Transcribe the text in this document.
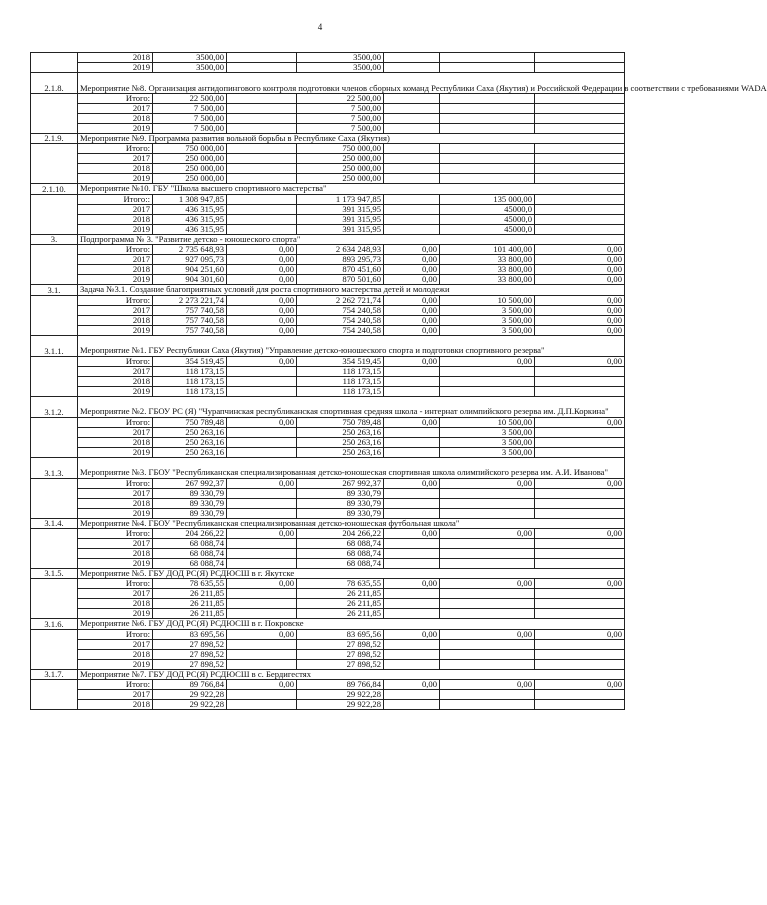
4
	2018	3500,00		3500,00			
	2019	3500,00		3500,00			
2.1.8.	Мероприятие №8. Организация антидопингового контроля подготовки членов сборных команд Республики Саха (Якутия) и Российской Федерации в соответствии с требованиями WADA						
	Итого:	22 500,00		22 500,00			
	2017	7 500,00		7 500,00			
	2018	7 500,00		7 500,00			
	2019	7 500,00		7 500,00			
2.1.9.	Мероприятие №9. Программа развития вольной борьбы в Республике Саха (Якутия)						
	Итого:	750 000,00		750 000,00			
	2017	250 000,00		250 000,00			
	2018	250 000,00		250 000,00			
	2019	250 000,00		250 000,00			
2.1.10.	Мероприятие №10. ГБУ "Школа высшего спортивного мастерства"						
	Итого::	1 308 947,85		1 173 947,85		135 000,00	
	2017	436 315,95		391 315,95		45000,0	
	2018	436 315,95		391 315,95		45000,0	
	2019	436 315,95		391 315,95		45000,0	
3.	Подпрограмма № 3. "Развитие детско - юношеского спорта"						
	Итого:	2 735 648,93	0,00	2 634 248,93	0,00	101 400,00	0,00
	2017	927 095,73	0,00	893 295,73	0,00	33 800,00	0,00
	2018	904 251,60	0,00	870 451,60	0,00	33 800,00	0,00
	2019	904 301,60	0,00	870 501,60	0,00	33 800,00	0,00
3.1.	Задача №3.1. Создание благоприятных условий для роста спортивного мастерства детей и молодежи						
	Итого:	2 273 221,74	0,00	2 262 721,74	0,00	10 500,00	0,00
	2017	757 740,58	0,00	754 240,58	0,00	3 500,00	0,00
	2018	757 740,58	0,00	754 240,58	0,00	3 500,00	0,00
	2019	757 740,58	0,00	754 240,58	0,00	3 500,00	0,00
3.1.1.	Мероприятие №1. ГБУ Республики Саха (Якутия) "Управление детско-юношеского спорта и подготовки спортивного резерва"						
	Итого:	354 519,45	0,00	354 519,45	0,00	0,00	0,00
	2017	118 173,15		118 173,15			
	2018	118 173,15		118 173,15			
	2019	118 173,15		118 173,15			
3.1.2.	Мероприятие №2. ГБОУ РС (Я) "Чурапчинская республиканская спортивная средняя школа - интернат олимпийского резерва им. Д.П.Коркина"						
	Итого:	750 789,48	0,00	750 789,48	0,00	10 500,00	0,00
	2017	250 263,16		250 263,16		3 500,00	
	2018	250 263,16		250 263,16		3 500,00	
	2019	250 263,16		250 263,16		3 500,00	
3.1.3.	Мероприятие №3. ГБОУ "Республиканская специализированная детско-юношеская спортивная школа олимпийского резерва им. А.И. Иванова"						
	Итого:	267 992,37	0,00	267 992,37	0,00	0,00	0,00
	2017	89 330,79		89 330,79			
	2018	89 330,79		89 330,79			
	2019	89 330,79		89 330,79			
3.1.4.	Мероприятие №4. ГБОУ "Республиканская специализированная детско-юношеская футбольная школа"						
	Итого:	204 266,22	0,00	204 266,22	0,00	0,00	0,00
	2017	68 088,74		68 088,74			
	2018	68 088,74		68 088,74			
	2019	68 088,74		68 088,74			
3.1.5.	Мероприятие №5. ГБУ ДОД РС(Я) РСДЮСШ в г. Якутске						
	Итого:	78 635,55	0,00	78 635,55	0,00	0,00	0,00
	2017	26 211,85		26 211,85			
	2018	26 211,85		26 211,85			
	2019	26 211,85		26 211,85			
3.1.6.	Мероприятие №6. ГБУ ДОД РС(Я) РСДЮСШ в г. Покровске						
	Итого:	83 695,56	0,00	83 695,56	0,00	0,00	0,00
	2017	27 898,52		27 898,52			
	2018	27 898,52		27 898,52			
	2019	27 898,52		27 898,52			
3.1.7.	Мероприятие №7. ГБУ ДОД РС(Я) РСДЮСШ в с. Бердигестях						
	Итого:	89 766,84	0,00	89 766,84	0,00	0,00	0,00
	2017	29 922,28		29 922,28			
	2018	29 922,28		29 922,28			
